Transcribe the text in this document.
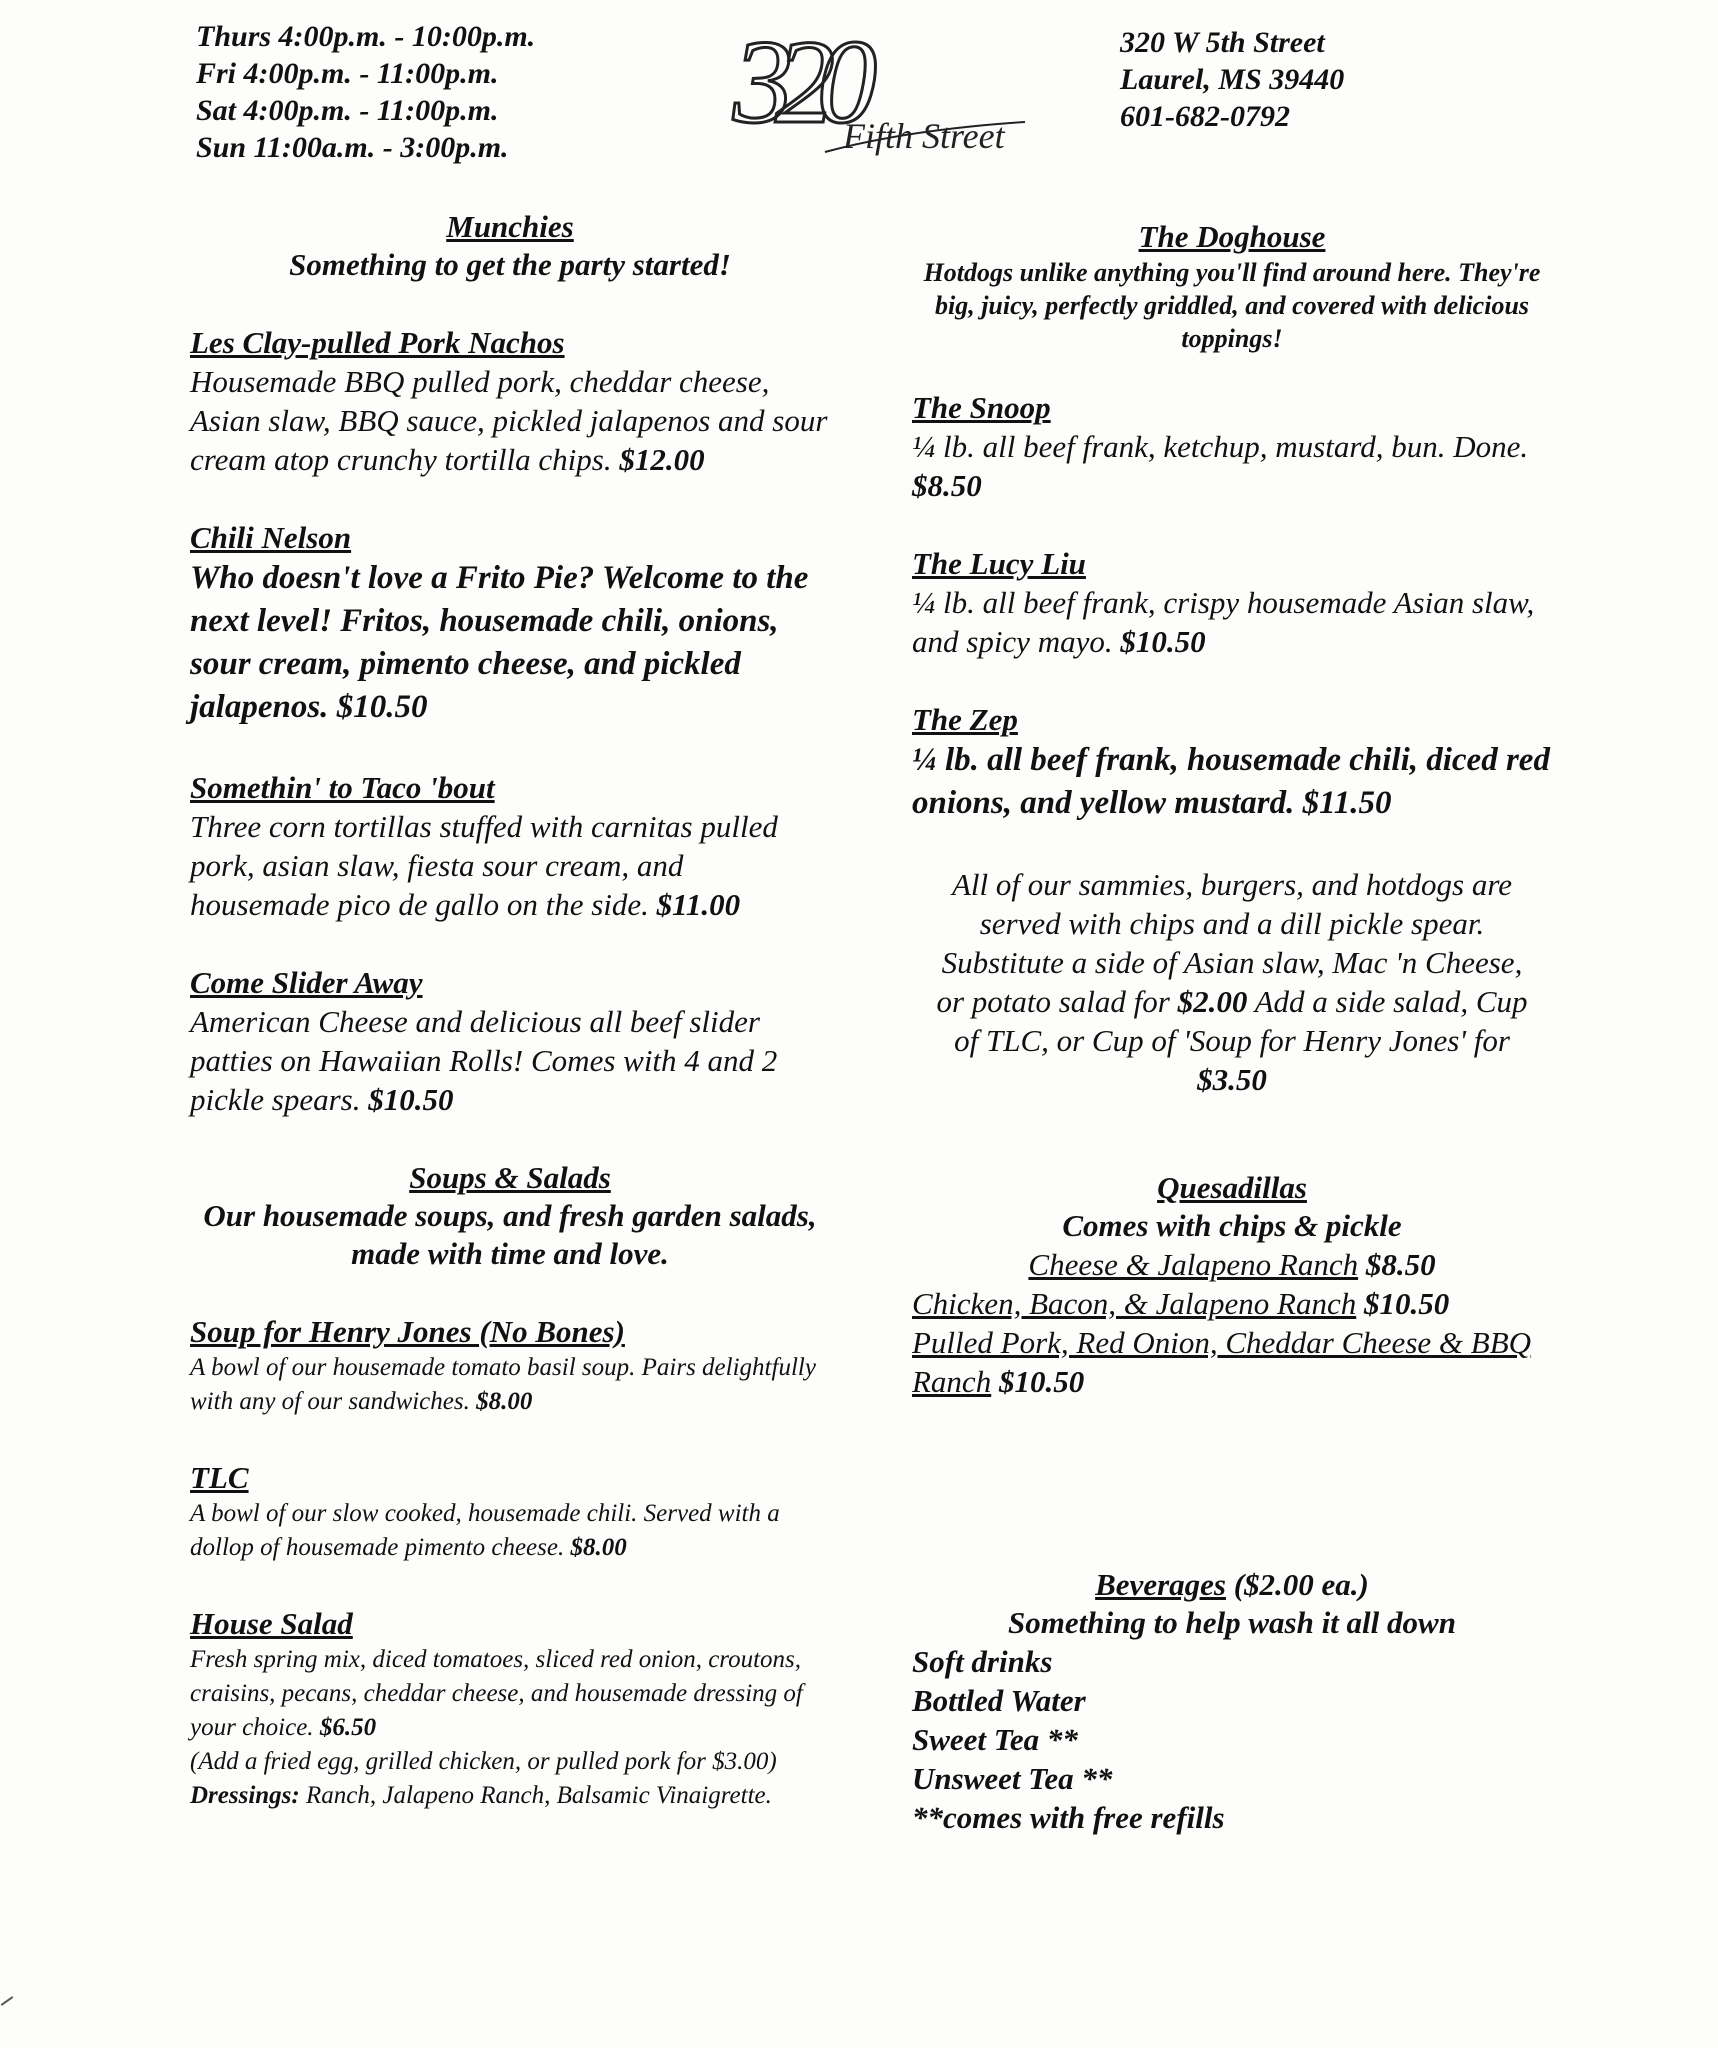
Thurs 4:00p.m. - 10:00p.m.
Fri 4:00p.m. - 11:00p.m.
Sat 4:00p.m. - 11:00p.m.
Sun 11:00a.m. - 3:00p.m. 320
Fifth Street
320 W 5th Street
Laurel, MS 39440
601-682-0792
Munchies
Something to get the party started!
Les Clay-pulled Pork Nachos
Housemade BBQ pulled pork, cheddar cheese, Asian slaw, BBQ sauce, pickled jalapenos and sour cream atop crunchy tortilla chips. $12.00
Chili Nelson
Who doesn't love a Frito Pie? Welcome to the next level! Fritos, housemade chili, onions, sour cream, pimento cheese, and pickled jalapenos. $10.50
Somethin' to Taco 'bout
Three corn tortillas stuffed with carnitas pulled pork, asian slaw, fiesta sour cream, and housemade pico de gallo on the side. $11.00
Come Slider Away
American Cheese and delicious all beef slider patties on Hawaiian Rolls! Comes with 4 and 2 pickle spears. $10.50
Soups & Salads
Our housemade soups, and fresh garden salads, made with time and love.
Soup for Henry Jones (No Bones)
A bowl of our housemade tomato basil soup. Pairs delightfully with any of our sandwiches. $8.00
TLC
A bowl of our slow cooked, housemade chili. Served with a dollop of housemade pimento cheese. $8.00
House Salad
Fresh spring mix, diced tomatoes, sliced red onion, croutons, craisins, pecans, cheddar cheese, and housemade dressing of your choice. $6.50
(Add a fried egg, grilled chicken, or pulled pork for $3.00)
Dressings: Ranch, Jalapeno Ranch, Balsamic Vinaigrette.
The Doghouse
Hotdogs unlike anything you'll find around here. They're big, juicy, perfectly griddled, and covered with delicious toppings!
The Snoop
¼ lb. all beef frank, ketchup, mustard, bun. Done. $8.50
The Lucy Liu
¼ lb. all beef frank, crispy housemade Asian slaw, and spicy mayo. $10.50
The Zep
¼ lb. all beef frank, housemade chili, diced red onions, and yellow mustard. $11.50
All of our sammies, burgers, and hotdogs are served with chips and a dill pickle spear. Substitute a side of Asian slaw, Mac 'n Cheese, or potato salad for $2.00 Add a side salad, Cup of TLC, or Cup of 'Soup for Henry Jones' for $3.50
Quesadillas
Comes with chips & pickle
Cheese & Jalapeno Ranch $8.50
Chicken, Bacon, & Jalapeno Ranch $10.50
Pulled Pork, Red Onion, Cheddar Cheese & BBQ Ranch $10.50
Beverages ($2.00 ea.)
Something to help wash it all down
Soft drinks
Bottled Water
Sweet Tea **
Unsweet Tea **
**comes with free refills
